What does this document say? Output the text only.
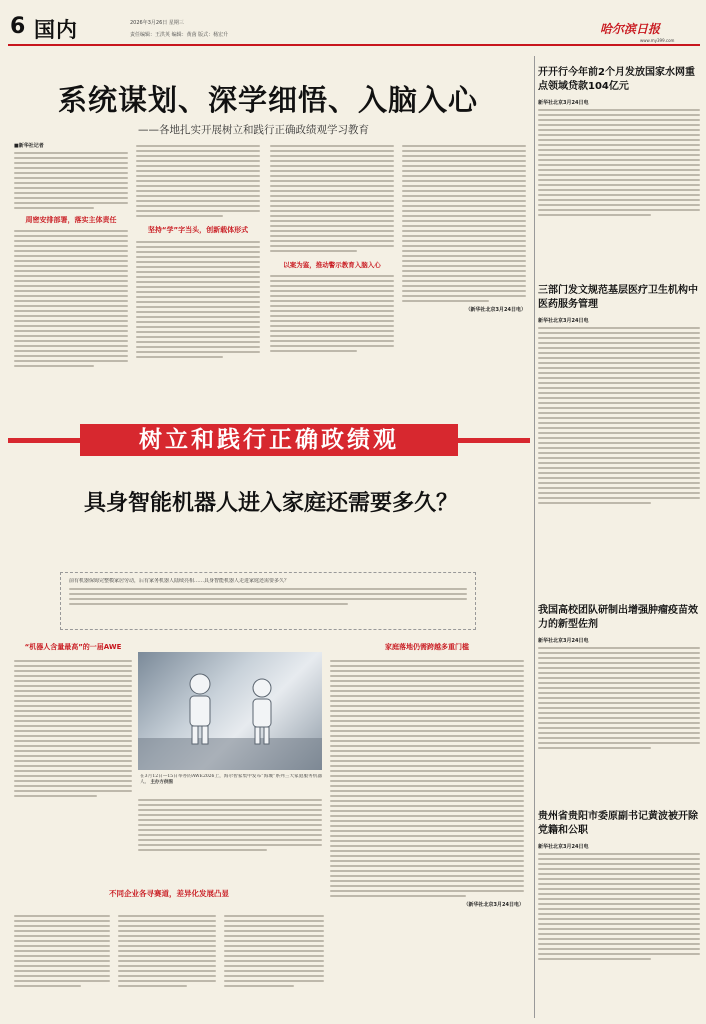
6 国内	2026年3月26日 星期三
责任编辑：王洪英 编辑：黄茵 版式：杨宏升	哈尔滨日报
www.my399.com
系统谋划、深学细悟、入脑入心
——各地扎实开展树立和践行正确政绩观学习教育
■新华社记者
周密安排部署，落实主体责任
坚持“学”字当头，创新载体形式
以案为鉴，推动警示教育入脑入心
（新华社北京3月24日电）
树立和践行正确政绩观
具身智能机器人进入家庭还需要多久？
前有机器保姆完整模家居劳动，后有家务机器人陆续亮相……具身智能机器人走进家庭还需要多久？
“机器人含量最高”的一届AWE
在3月12日—15日举办的AWE2026上，海尔智家集中发布“海城”系列三大家庭服务机器人。 主办方供图
家庭落地仍需跨越多重门槛
（新华社北京3月24日电）
不同企业各寻赛道，差异化发展凸显
开开行今年前2个月发放国家水网重点领域贷款104亿元
新华社北京3月24日电
三部门发文规范基层医疗卫生机构中医药服务管理
新华社北京3月24日电
我国高校团队研制出增强肿瘤疫苗效力的新型佐剂
新华社北京3月24日电
贵州省贵阳市委原副书记黄波被开除党籍和公职
新华社北京3月24日电
